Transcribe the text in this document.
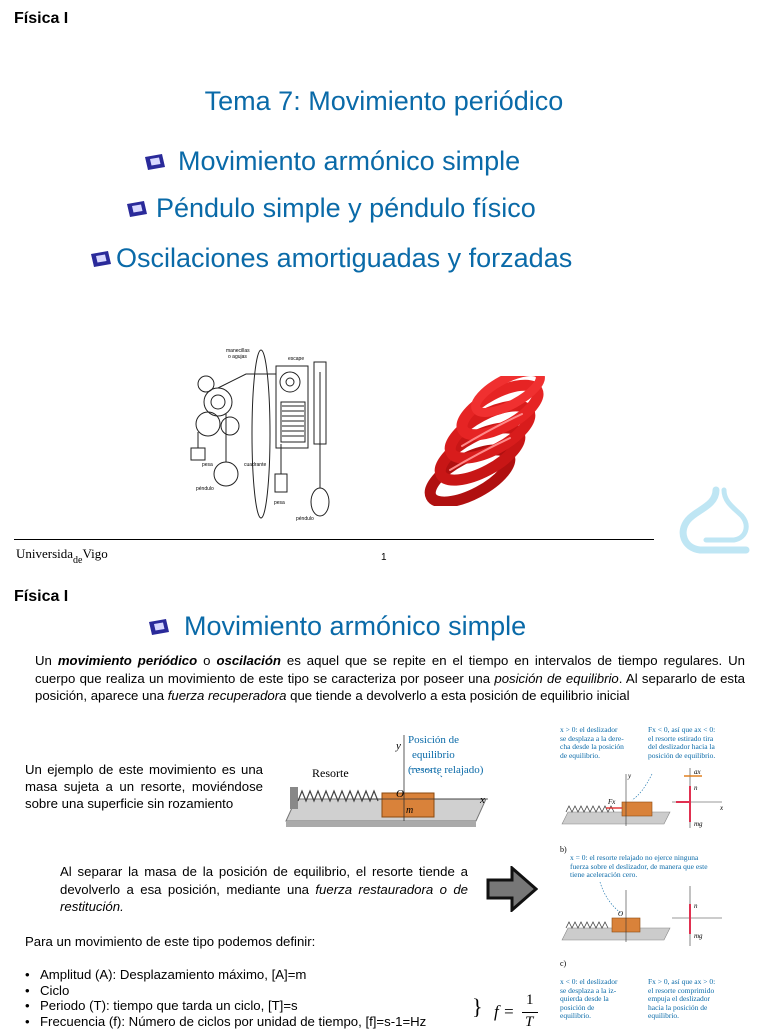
Física I
Tema 7: Movimiento periódico
Movimiento armónico simple
Péndulo simple y péndulo físico
Oscilaciones amortiguadas y forzadas
manecillas
o agujas	escape
pesa	cuadrante
péndulo
pesa
péndulo
Universida$_{de}$Vigo	1
Física I
Movimiento armónico simple
Un movimiento periódico o oscilación es aquel que se repite en el tiempo en intervalos de tiempo regulares. Un cuerpo que realiza un movimiento de este tipo se caracteriza por poseer una posición de equilibrio. Al separarlo de esta posición, aparece una fuerza recuperadora que tiende a devolverlo a esta posición de equilibrio inicial
Un ejemplo de este movimiento es una masa sujeta a un resorte, moviéndose sobre una superficie sin rozamiento
Posición de
equilibrio
(resorte relajado)
Resorte
y
x
O
m
Al separar la masa de la posición de equilibrio, el resorte tiende a devolverlo a esa posición, mediante una fuerza restauradora o de restitución.
Para un movimiento de este tipo podemos definir:
• Amplitud (A): Desplazamiento máximo, [A]=m
• Ciclo
• Periodo (T): tiempo que tarda un ciclo, [T]=s
• Frecuencia (f): Número de ciclos por unidad de tiempo, [f]=s-1=Hz
} f =
1
T
x > 0: el deslizador
se desplaza a la dere-
cha desde la posición
de equilibrio.
Fx < 0, así que ax < 0:
el resorte estirado tira
del deslizador hacia la
posición de equilibrio.
n
mg
Fx
ax
x
y
b)
x = 0: el resorte relajado no ejerce ninguna
fuerza sobre el deslizador, de manera que este
tiene aceleración cero.
O
n
mg
c)
x < 0: el deslizador
se desplaza a la iz-
quierda desde la
posición de
equilibrio.
Fx > 0, así que ax > 0:
el resorte comprimido
empuja el deslizador
hacia la posición de
equilibrio.
